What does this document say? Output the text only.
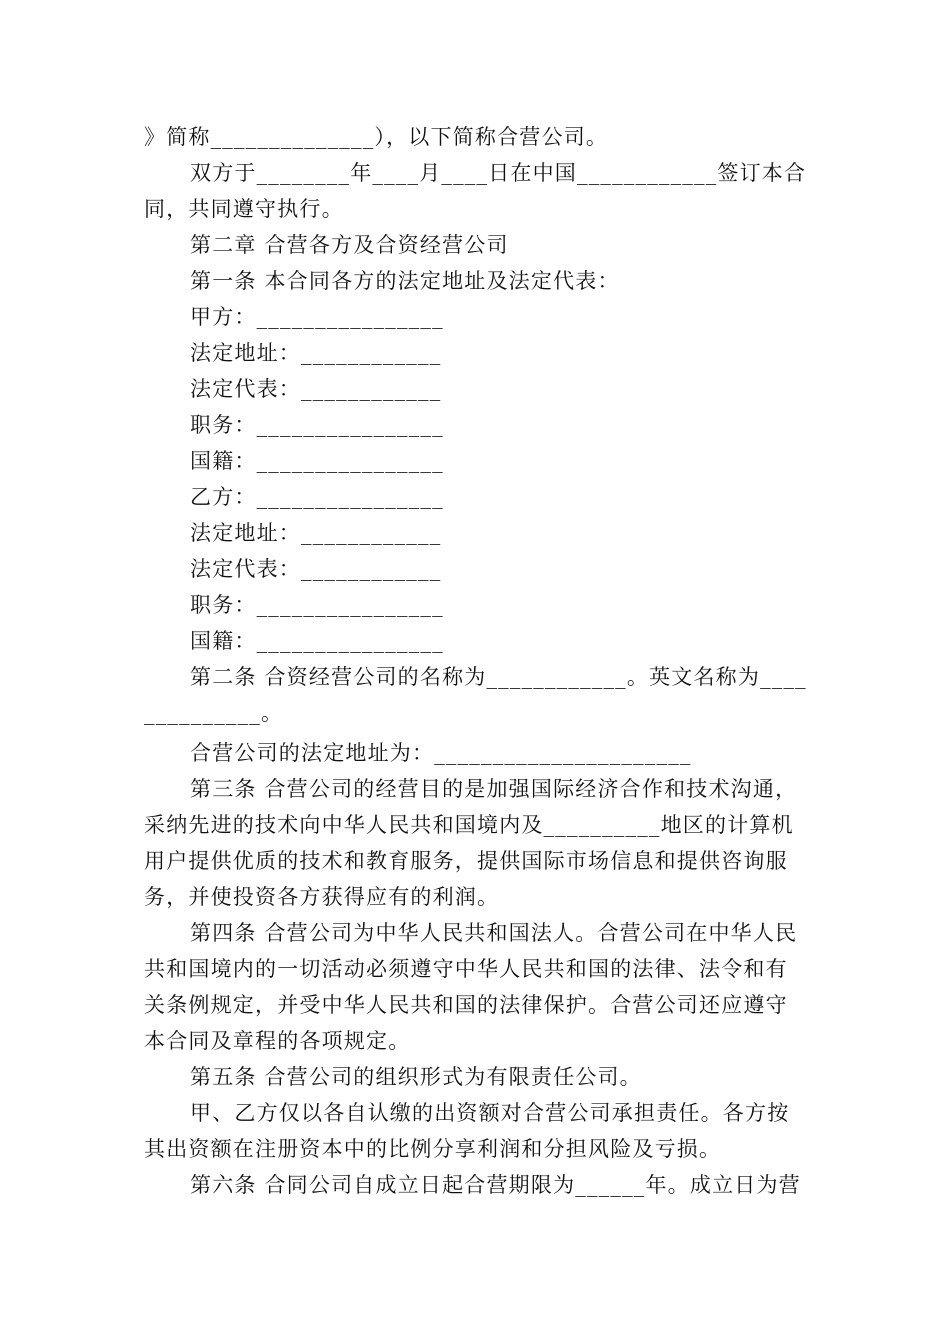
》简称______________），以下简称合营公司。
双方于________年____月____日在中国____________签订本合
同，共同遵守执行。
第二章 合营各方及合资经营公司
第一条 本合同各方的法定地址及法定代表：
甲方：________________
法定地址：____________
法定代表：____________
职务：________________
国籍：________________
乙方：________________
法定地址：____________
法定代表：____________
职务：________________
国籍：________________
第二条 合资经营公司的名称为____________。英文名称为____
__________。
合营公司的法定地址为：______________________
第三条 合营公司的经营目的是加强国际经济合作和技术沟通，
采纳先进的技术向中华人民共和国境内及__________地区的计算机
用户提供优质的技术和教育服务，提供国际市场信息和提供咨询服
务，并使投资各方获得应有的利润。
第四条 合营公司为中华人民共和国法人。合营公司在中华人民
共和国境内的一切活动必须遵守中华人民共和国的法律、法令和有
关条例规定，并受中华人民共和国的法律保护。合营公司还应遵守
本合同及章程的各项规定。
第五条 合营公司的组织形式为有限责任公司。
甲、乙方仅以各自认缴的出资额对合营公司承担责任。各方按
其出资额在注册资本中的比例分享利润和分担风险及亏损。
第六条 合同公司自成立日起合营期限为______年。成立日为营
